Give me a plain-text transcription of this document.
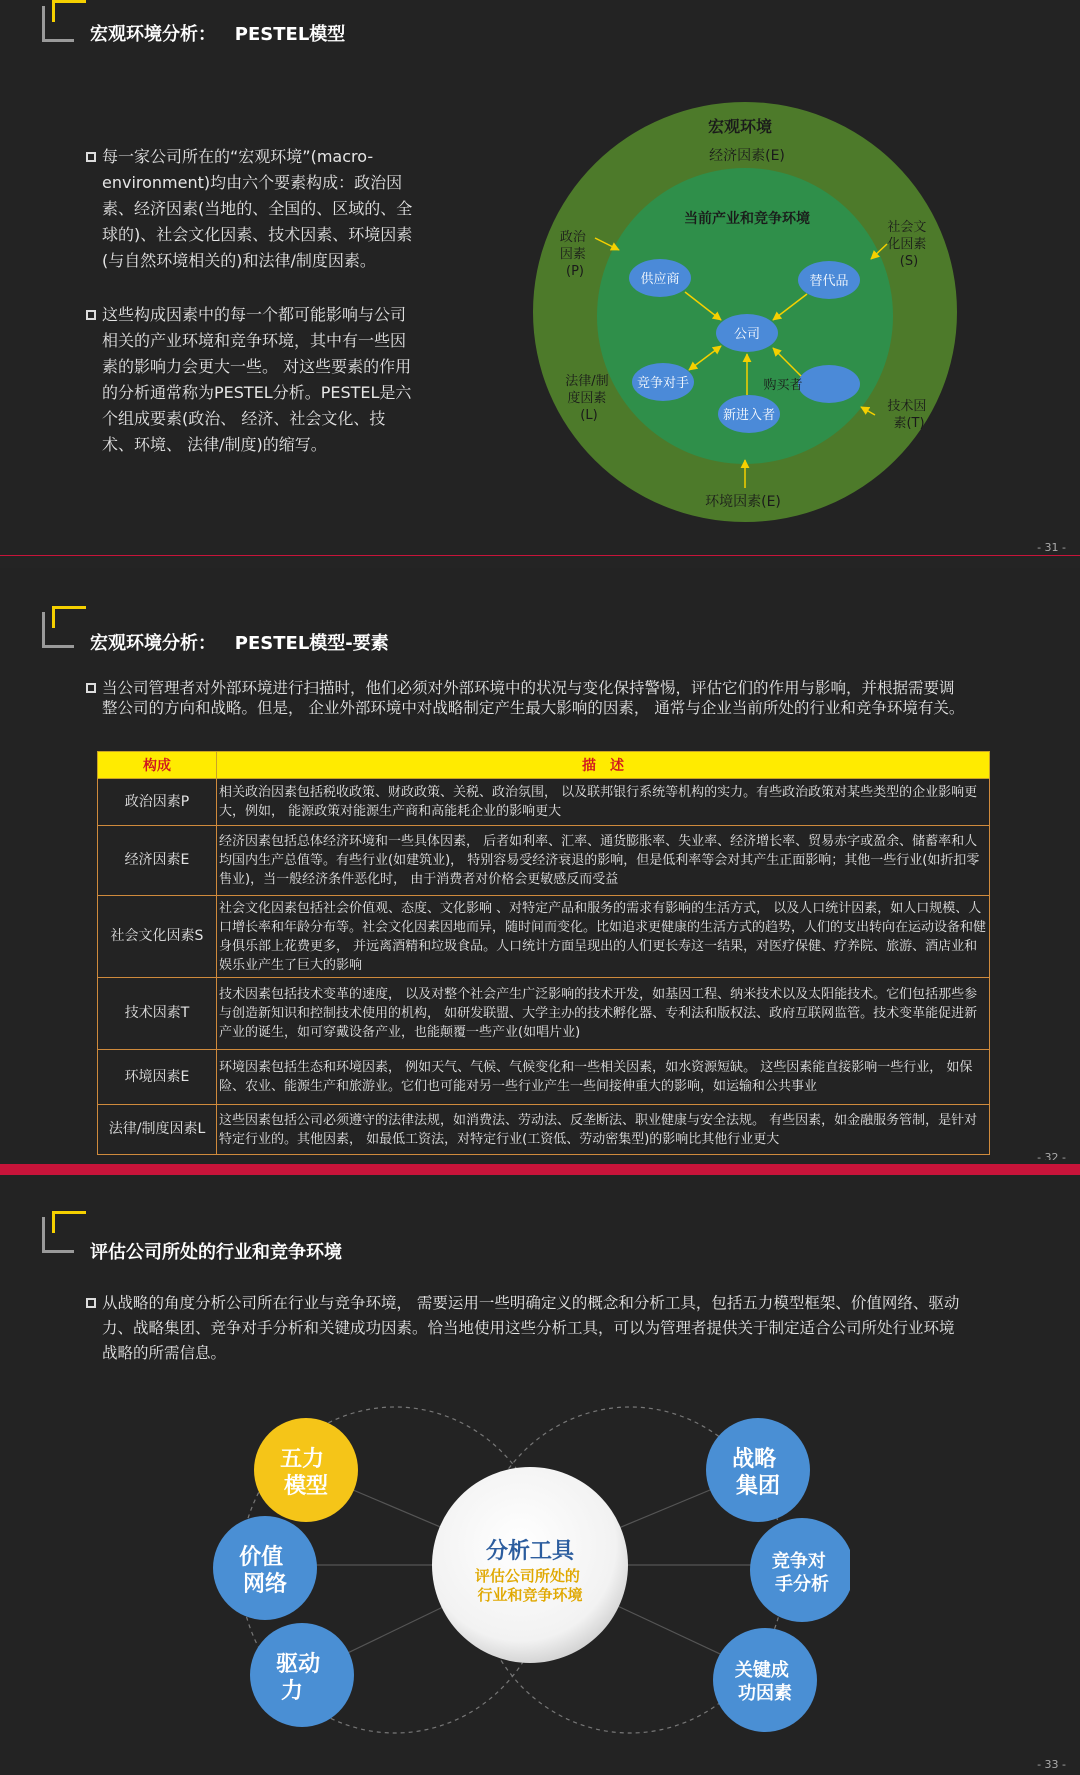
宏观环境分析：   PESTEL模型
每一家公司所在的“宏观环境”(macro-environment)均由六个要素构成：政治因素、经济因素(当地的、全国的、区域的、全球的)、社会文化因素、技术因素、环境因素(与自然环境相关的)和法律/制度因素。
这些构成因素中的每一个都可能影响与公司相关的产业环境和竞争环境，其中有一些因素的影响力会更大一些。 对这些要素的作用的分析通常称为PESTEL分析。PESTEL是六个组成要素(政治、 经济、社会文化、技术、环境、 法律/制度)的缩写。
宏观环境
经济因素(E)
当前产业和竞争环境
政治 因素 (P)
社会文 化因素 (S)
法律/制 度因素 (L)
技术因 素(T)
环境因素(E)
供应商	替代品
公司
竞争对手	购买者
新进入者
- 31 -
宏观环境分析：   PESTEL模型-要素
当公司管理者对外部环境进行扫描时，他们必须对外部环境中的状况与变化保持警惕，评估它们的作用与影响，并根据需要调整公司的方向和战略。但是， 企业外部环境中对战略制定产生最大影响的因素， 通常与企业当前所处的行业和竞争环境有关。
构成	描　述
政治因素P	相关政治因素包括税收政策、财政政策、关税、政治氛围， 以及联邦银行系统等机构的实力。有些政治政策对某些类型的企业影响更大，例如， 能源政策对能源生产商和高能耗企业的影响更大
经济因素E	经济因素包括总体经济环境和一些具体因素， 后者如利率、汇率、通货膨胀率、失业率、经济增长率、贸易赤字或盈余、储蓄率和人均国内生产总值等。有些行业(如建筑业)， 特别容易受经济衰退的影响，但是低利率等会对其产生正面影响；其他一些行业(如折扣零售业)，当一般经济条件恶化时， 由于消费者对价格会更敏感反而受益
社会文化因素S	社会文化因素包括社会价值观、态度、文化影响 、对特定产品和服务的需求有影响的生活方式， 以及人口统计因素，如人口规模、人口增长率和年龄分布等。社会文化因素因地而异，随时间而变化。比如追求更健康的生活方式的趋势，人们的支出转向在运动设备和健身俱乐部上花费更多， 并远离酒精和垃圾食品。人口统计方面呈现出的人们更长寿这一结果，对医疗保健、疗养院、旅游、酒店业和娱乐业产生了巨大的影响
技术因素T	技术因素包括技术变革的速度， 以及对整个社会产生广泛影响的技术开发，如基因工程、纳米技术以及太阳能技术。它们包括那些参与创造新知识和控制技术使用的机构， 如研发联盟、大学主办的技术孵化器、专利法和版权法、政府互联网监管。技术变革能促进新产业的诞生，如可穿戴设备产业，也能颠覆一些产业(如唱片业)
环境因素E	环境因素包括生态和环境因素， 例如天气、气候、气候变化和一些相关因素，如水资源短缺。 这些因素能直接影响一些行业， 如保险、农业、能源生产和旅游业。它们也可能对另一些行业产生一些间接伸重大的影响，如运输和公共事业
法律/制度因素L	这些因素包括公司必须遵守的法律法规，如消费法、劳动法、反垄断法、职业健康与安全法规。 有些因素，如金融服务管制，是针对特定行业的。其他因素， 如最低工资法，对特定行业(工资低、劳动密集型)的影响比其他行业更大
- 32 -
评估公司所处的行业和竞争环境
从战略的角度分析公司所在行业与竞争环境， 需要运用一些明确定义的概念和分析工具，包括五力模型框架、价值网络、驱动力、战略集团、竞争对手分析和关键成功因素。恰当地使用这些分析工具，可以为管理者提供关于制定适合公司所处行业环境战略的所需信息。
分析工具
评估公司所处的 行业和竞争环境
五力 模型
价值 网络
驱动 力
战略 集团
竞争对 手分析
关键成 功因素
- 33 -
